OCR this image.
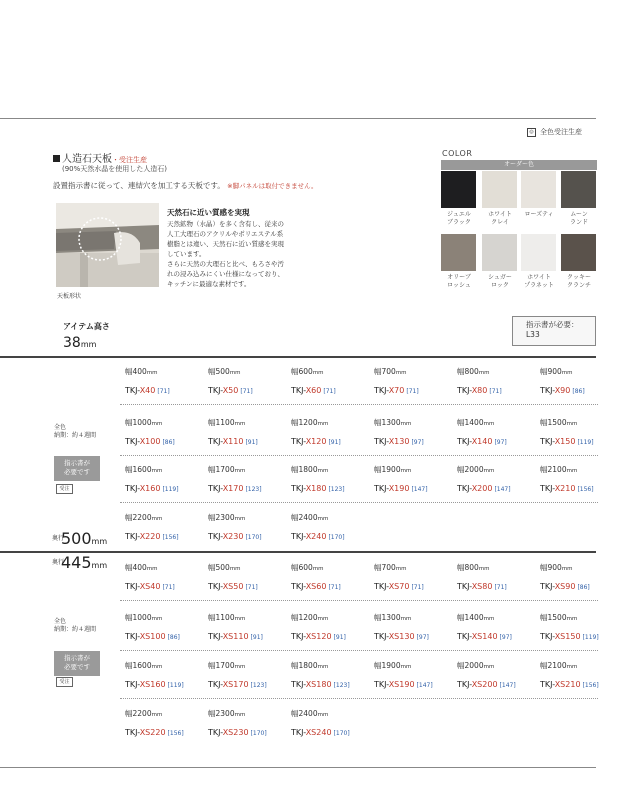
◎ 全色受注生産
人造石天板・受注生産
(90%天然水晶を使用した人造石)
設置指示書に従って、連結穴を加工する天板です。 ※脚パネルは取付できません。
天板形状
天然石に近い質感を実現
天然鉱物（水晶）を多く含有し、従来の
人工大理石のアクリルやポリエステル系
樹脂とは違い、天然石に近い質感を実現
しています。
さらに天然の大理石と比べ、もろさや汚
れの浸み込みにくい仕様になっており、
キッチンに最適な素材です。
COLOR
オーダー色
ジュエル
ブラック
ホワイト
クレイ
ローズティ	ムーン
ランド
オリーブ
ロッシュ
シュガー
ロック
ホワイト
プラネット
クッキー
クランチ
アイテム高さ
38mm
指示書が必要：
L33
全色
納期：約４週間
指示書が
必要です
受注
奥行500mm
幅400mm
TKJ-X40 [71]
幅500mm
TKJ-X50 [71]
幅600mm
TKJ-X60 [71]
幅700mm
TKJ-X70 [71]
幅800mm
TKJ-X80 [71]
幅900mm
TKJ-X90 [86]
幅1000mm
TKJ-X100 [86]
幅1100mm
TKJ-X110 [91]
幅1200mm
TKJ-X120 [91]
幅1300mm
TKJ-X130 [97]
幅1400mm
TKJ-X140 [97]
幅1500mm
TKJ-X150 [119]
幅1600mm
TKJ-X160 [119]
幅1700mm
TKJ-X170 [123]
幅1800mm
TKJ-X180 [123]
幅1900mm
TKJ-X190 [147]
幅2000mm
TKJ-X200 [147]
幅2100mm
TKJ-X210 [156]
幅2200mm
TKJ-X220 [156]
幅2300mm
TKJ-X230 [170]
幅2400mm
TKJ-X240 [170]
全色
納期：約４週間
指示書が
必要です
受注
奥行445mm 幅400mm
TKJ-XS40 [71]
幅500mm
TKJ-XS50 [71]
幅600mm
TKJ-XS60 [71]
幅700mm
TKJ-XS70 [71]
幅800mm
TKJ-XS80 [71]
幅900mm
TKJ-XS90 [86]
幅1000mm
TKJ-XS100 [86]
幅1100mm
TKJ-XS110 [91]
幅1200mm
TKJ-XS120 [91]
幅1300mm
TKJ-XS130 [97]
幅1400mm
TKJ-XS140 [97]
幅1500mm
TKJ-XS150 [119]
幅1600mm
TKJ-XS160 [119]
幅1700mm
TKJ-XS170 [123]
幅1800mm
TKJ-XS180 [123]
幅1900mm
TKJ-XS190 [147]
幅2000mm
TKJ-XS200 [147]
幅2100mm
TKJ-XS210 [156]
幅2200mm
TKJ-XS220 [156]
幅2300mm
TKJ-XS230 [170]
幅2400mm
TKJ-XS240 [170]
